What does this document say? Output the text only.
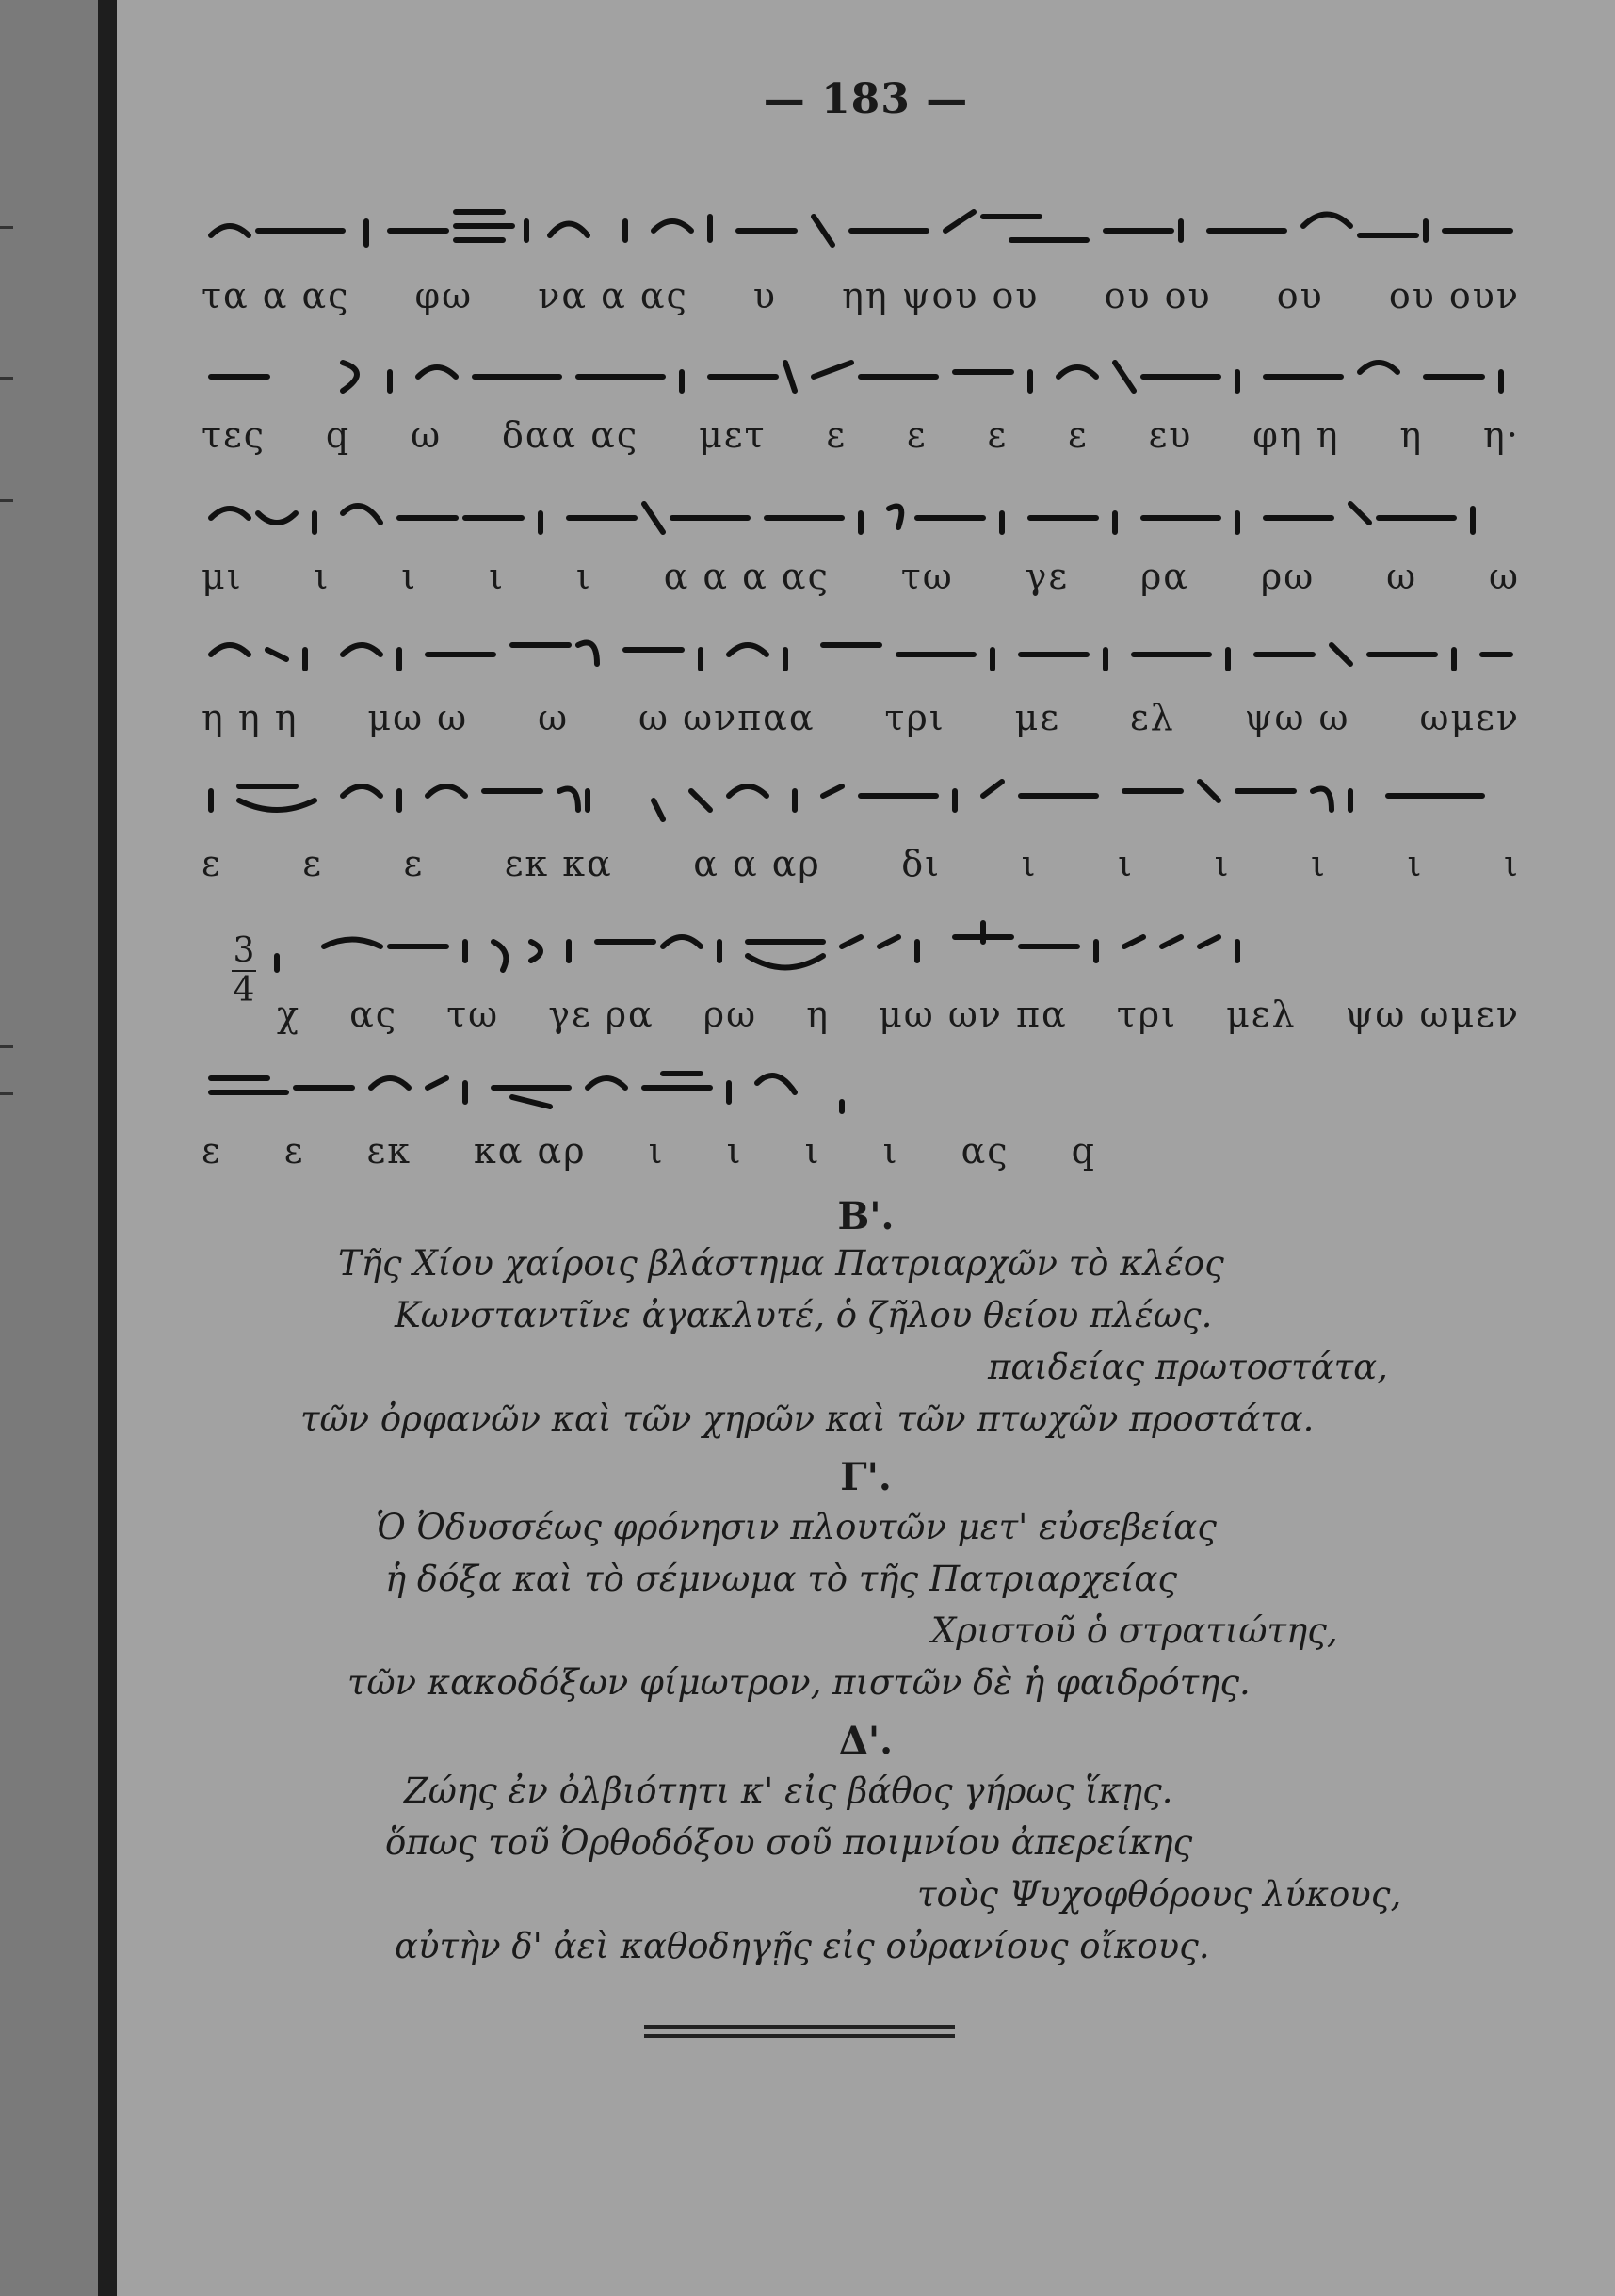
— 183 —
τα α ας φω να α ας υ ηη ψου ου ου ου ου ου ουν
τες q ω δαα ας μετ ε ε ε ε ευ φη η η η·
μι ι ι ι ι α α α ας τω γε ρα ρω ω ω
η η η μω ω ω ω ωνπαα τρι με ελ ψω ω ωμεν
ε ε ε εκ κα α α αρ δι ι ι ι ι ι ι
$\frac{3}{4}$
χ ας τω γε ρα ρω η μω ων πα τρι μελ ψω ωμεν
ε ε εκ κα αρ ι ι ι ι ας q
Β'.
Τῆς Χίου χαίροις βλάστημα Πατριαρχῶν τὸ κλέος
Κωνσταντῖνε ἀγακλυτέ, ὁ ζῆλου θείου πλέως.
παιδείας πρωτοστάτα,
τῶν ὀρφανῶν καὶ τῶν χηρῶν καὶ τῶν πτωχῶν προστάτα.
Γ'.
Ὁ Ὀδυσσέως φρόνησιν πλουτῶν μετ' εὐσεβείας
ἡ δόξα καὶ τὸ σέμνωμα τὸ τῆς Πατριαρχείας
Χριστοῦ ὁ στρατιώτης,
τῶν κακοδόξων φίμωτρον, πιστῶν δὲ ἡ φαιδρότης.
Δ'.
Ζώης ἐν ὀλβιότητι κ' εἰς βάθος γήρως ἵκῃς.
ὅπως τοῦ Ὀρθοδόξου σοῦ ποιμνίου ἀπερείκης
τοὺς Ψυχοφθόρους λύκους,
αὐτὴν δ' ἀεὶ καθοδηγῇς εἰς οὐρανίους οἴκους.
